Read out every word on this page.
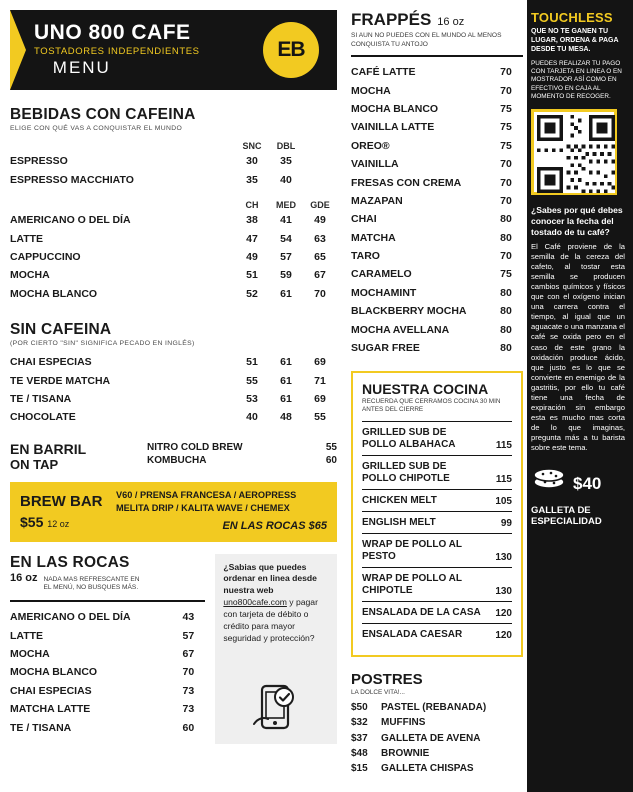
UNO 800 CAFE
TOSTADORES INDEPENDIENTES
MENU
EB
BEBIDAS CON CAFEINA
ELIGE CON QUÉ VAS A CONQUISTAR EL MUNDO
	SNC	DBL	
ESPRESSO	30	35	
ESPRESSO MACCHIATO	35	40	
	CH	MED	GDE
AMERICANO O DEL DÍA	38	41	49
LATTE	47	54	63
CAPPUCCINO	49	57	65
MOCHA	51	59	67
MOCHA BLANCO	52	61	70
SIN CAFEINA
(POR CIERTO "SIN" SIGNIFICA PECADO EN INGLÉS)
CHAI ESPECIAS	51	61	69
TE VERDE MATCHA	55	61	71
TE / TISANA	53	61	69
CHOCOLATE	40	48	55
EN BARRIL
ON TAP
NITRO COLD BREW	55
KOMBUCHA	60
BREW BAR
$55 12 oz
V60 / PRENSA FRANCESA / AEROPRESS
MELITA DRIP / KALITA WAVE / CHEMEX
EN LAS ROCAS $65
EN LAS ROCAS
16 oz NADA MAS REFRESCANTE EN EL MENÚ, NO BUSQUES MÁS.
AMERICANO O DEL DÍA	43
LATTE	57
MOCHA	67
MOCHA BLANCO	70
CHAI ESPECIAS	73
MATCHA LATTE	73
TE / TISANA	60
¿Sabias que puedes ordenar en linea desde nuestra web uno800cafe.com y pagar con tarjeta de débito o crédito para mayor seguridad y protección?
FRAPPÉS 16 oz
SI AUN NO PUEDES CON EL MUNDO AL MENOS CONQUISTA TU ANTOJO
CAFÉ LATTE	70
MOCHA	70
MOCHA BLANCO	75
VAINILLA LATTE	75
OREO®	75
VAINILLA	70
FRESAS CON CREMA	70
MAZAPAN	70
CHAI	80
MATCHA	80
TARO	70
CARAMELO	75
MOCHAMINT	80
BLACKBERRY MOCHA	80
MOCHA AVELLANA	80
SUGAR FREE	80
NUESTRA COCINA
RECUERDA QUE CERRAMOS COCINA 30 MIN ANTES DEL CIERRE
GRILLED SUB DE POLLO ALBAHACA	115
GRILLED SUB DE POLLO CHIPOTLE	115
CHICKEN MELT	105
ENGLISH MELT	99
WRAP DE POLLO AL PESTO	130
WRAP DE POLLO AL CHIPOTLE	130
ENSALADA DE LA CASA 120
ENSALADA CAESAR	120
POSTRES
LA DOLCE VITA!...
$50 PASTEL (REBANADA)
$32 MUFFINS
$37 GALLETA DE AVENA
$48 BROWNIE
$15 GALLETA CHISPAS
TOUCHLESS
QUE NO TE GANEN TU LUGAR, ORDENA & PAGA DESDE TU MESA.
PUEDES REALIZAR TU PAGO CON TARJETA EN LINEA O EN MOSTRADOR ASÍ COMO EN EFECTIVO EN CAJA AL MOMENTO DE RECOGER.
¿Sabes por qué debes conocer la fecha del tostado de tu café?
El Café proviene de la semilla de la cereza del cafeto, al tostar esta semilla se producen cambios químicos y físicos que con el oxígeno inician una carrera contra el tiempo, al igual que un aguacate o una manzana el café se oxida pero en el caso de este grano la oxidación produce ácido, que justo es lo que se convierte en enemigo de la gastritis, por ello tu café tiene una fecha de expiración sin embargo esta es mucho mas corta de lo que imaginas, pregunta más a tu barista sobre este tema.
$40
GALLETA DE ESPECIALIDAD
